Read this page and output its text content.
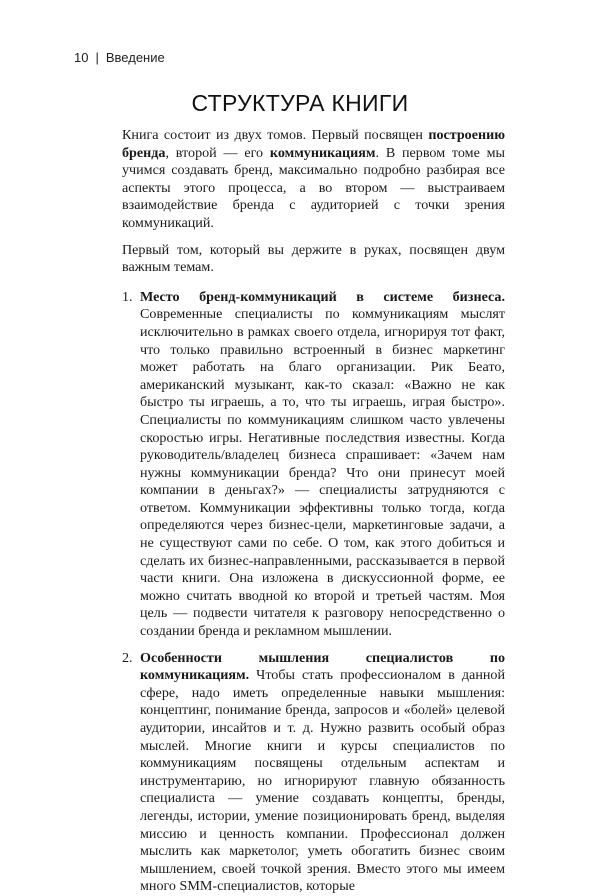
10 | Введение
СТРУКТУРА КНИГИ

Книга состоит из двух томов. Первый посвящен построению бренда, второй — его коммуникациям. В первом томе мы учимся создавать бренд, максимально подробно разбирая все аспекты этого процесса, а во втором — выстраиваем взаимодействие бренда с аудиторией с точки зрения коммуникаций.

Первый том, который вы держите в руках, посвящен двум важным темам.

1. Место бренд-коммуникаций в системе бизнеса. Современные специалисты по коммуникациям мыслят исключительно в рамках своего отдела, игнорируя тот факт, что только правильно встроенный в бизнес маркетинг может работать на благо организации. Рик Беато, американский музыкант, как-то сказал: «Важно не как быстро ты играешь, а то, что ты играешь, играя быстро». Специалисты по коммуникациям слишком часто увлечены скоростью игры. Негативные последствия известны. Когда руководитель/владелец бизнеса спрашивает: «Зачем нам нужны коммуникации бренда? Что они принесут моей компании в деньгах?» — специалисты затрудняются с ответом. Коммуникации эффективны только тогда, когда определяются через бизнес-цели, маркетинговые задачи, а не существуют сами по себе. О том, как этого добиться и сделать их бизнес-направленными, рассказывается в первой части книги. Она изложена в дискуссионной форме, ее можно считать вводной ко второй и третьей частям. Моя цель — подвести читателя к разговору непосредственно о создании бренда и рекламном мышлении.
2. Особенности мышления специалистов по коммуникациям. Чтобы стать профессионалом в данной сфере, надо иметь определенные навыки мышления: концептинг, понимание бренда, запросов и «болей» целевой аудитории, инсайтов и т. д. Нужно развить особый образ мыслей. Многие книги и курсы специалистов по коммуникациям посвящены отдельным аспектам и инструментарию, но игнорируют главную обязанность специалиста — умение создавать концепты, бренды, легенды, истории, умение позиционировать бренд, выделяя миссию и ценность компании. Профессионал должен мыслить как маркетолог, уметь обогатить бизнес своим мышлением, своей точкой зрения. Вместо этого мы имеем много SMM-специалистов, которые
